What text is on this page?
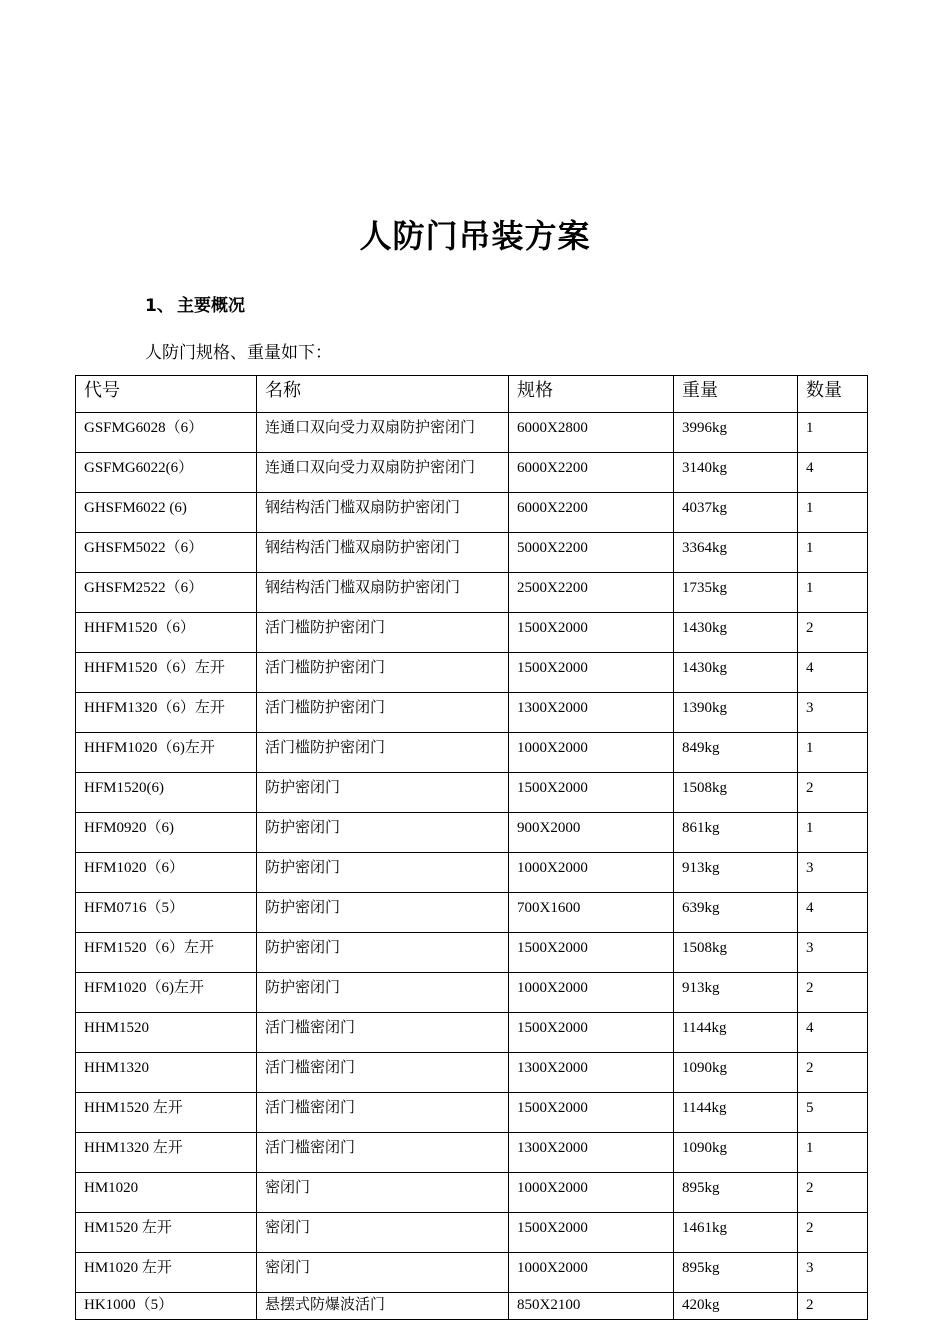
人防门吊装方案
1、 主要概况
人防门规格、重量如下：
代号	名称	规格	重量	数量
GSFMG6028（6）	连通口双向受力双扇防护密闭门	6000X2800	3996kg	1
GSFMG6022(6）	连通口双向受力双扇防护密闭门	6000X2200	3140kg	4
GHSFM6022 (6)	钢结构活门槛双扇防护密闭门	6000X2200	4037kg	1
GHSFM5022（6）	钢结构活门槛双扇防护密闭门	5000X2200	3364kg	1
GHSFM2522（6）	钢结构活门槛双扇防护密闭门	2500X2200	1735kg	1
HHFM1520（6）	活门槛防护密闭门	1500X2000	1430kg	2
HHFM1520（6）左开	活门槛防护密闭门	1500X2000	1430kg	4
HHFM1320（6）左开	活门槛防护密闭门	1300X2000	1390kg	3
HHFM1020（6)左开	活门槛防护密闭门	1000X2000	849kg	1
HFM1520(6)	防护密闭门	1500X2000	1508kg	2
HFM0920（6)	防护密闭门	900X2000	861kg	1
HFM1020（6）	防护密闭门	1000X2000	913kg	3
HFM0716（5）	防护密闭门	700X1600	639kg	4
HFM1520（6）左开	防护密闭门	1500X2000	1508kg	3
HFM1020（6)左开	防护密闭门	1000X2000	913kg	2
HHM1520	活门槛密闭门	1500X2000	1144kg	4
HHM1320	活门槛密闭门	1300X2000	1090kg	2
HHM1520 左开	活门槛密闭门	1500X2000	1144kg	5
HHM1320 左开	活门槛密闭门	1300X2000	1090kg	1
HM1020	密闭门	1000X2000	895kg	2
HM1520 左开	密闭门	1500X2000	1461kg	2
HM1020 左开	密闭门	1000X2000	895kg	3
HK1000（5）	悬摆式防爆波活门	850X2100	420kg	2
